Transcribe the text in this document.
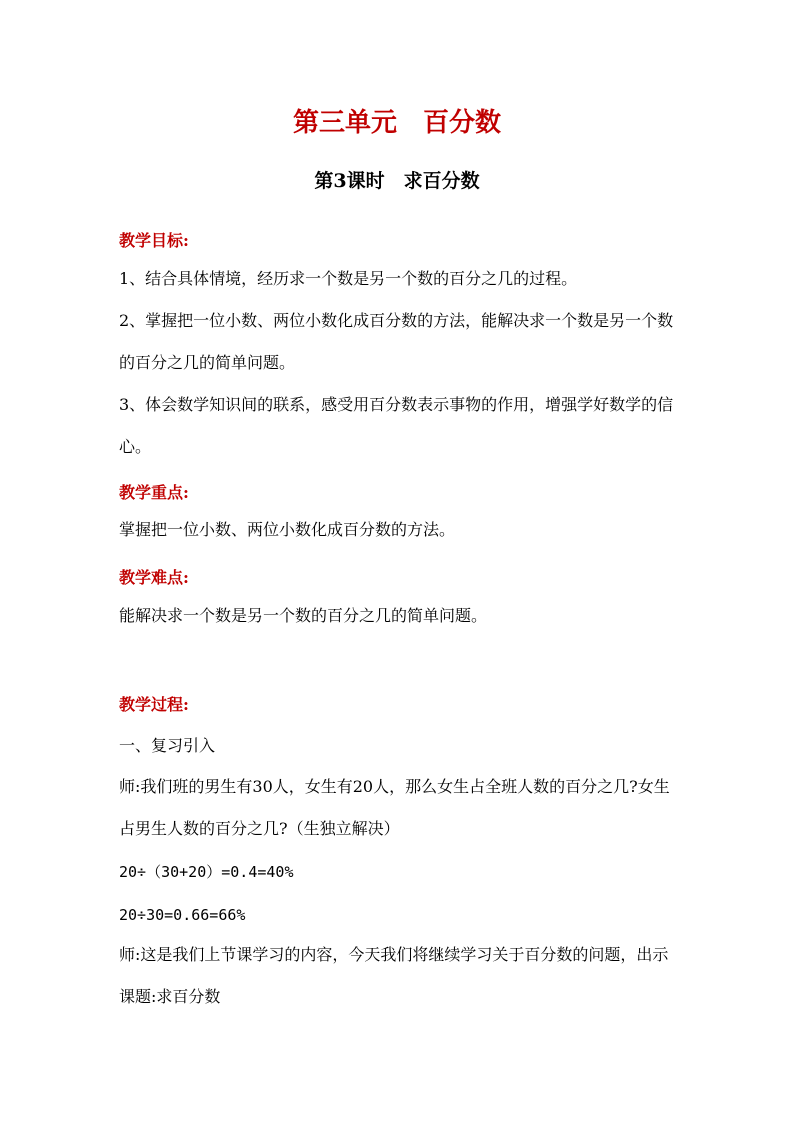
第三单元　百分数
第3课时　求百分数
教学目标:
1、结合具体情境，经历求一个数是另一个数的百分之几的过程。
2、掌握把一位小数、两位小数化成百分数的方法，能解决求一个数是另一个数的百分之几的简单问题。
3、体会数学知识间的联系，感受用百分数表示事物的作用，增强学好数学的信心。
教学重点:
掌握把一位小数、两位小数化成百分数的方法。
教学难点:
能解决求一个数是另一个数的百分之几的简单问题。
教学过程:
一、复习引入
师:我们班的男生有30人，女生有20人，那么女生占全班人数的百分之几?女生占男生人数的百分之几?（生独立解决）
20÷（30+20）=0.4=40%
20÷30=0.66=66%
师:这是我们上节课学习的内容，今天我们将继续学习关于百分数的问题，出示课题:求百分数
